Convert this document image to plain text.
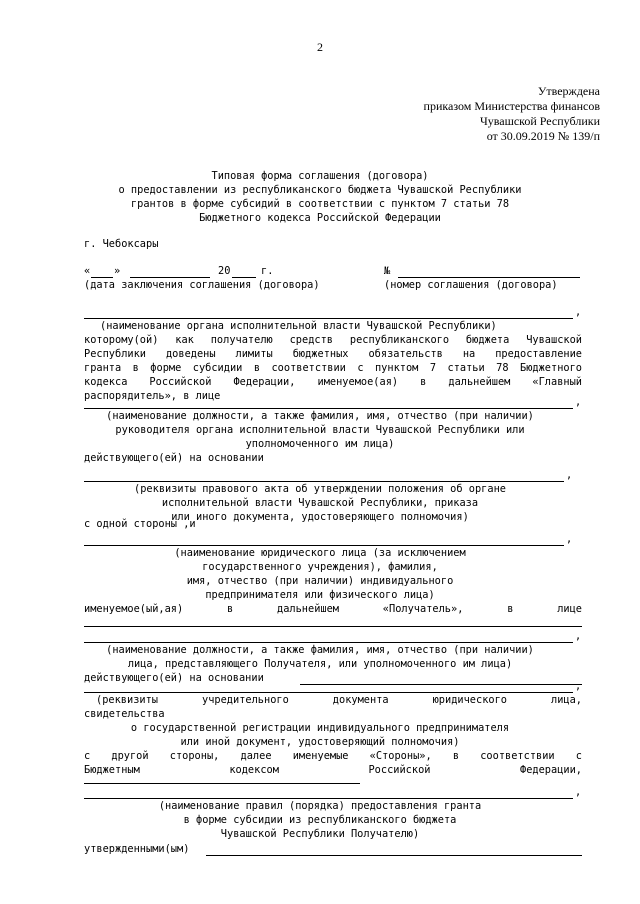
2
Утверждена
приказом Министерства финансов
Чувашской Республики
от 30.09.2019 № 139/п
Типовая форма соглашения (договора)
о предоставлении из республиканского бюджета Чувашской Республики
грантов в форме субсидий в соответствии с пунктом 7 статьи 78
Бюджетного кодекса Российской Федерации
г. Чебоксары
« »	20	г.	№
(дата заключения соглашения (договора)	(номер соглашения (договора)
,
(наименование органа исполнительной власти Чувашской Республики)
которому(ой) как получателю средств республиканского бюджета Чувашской
Республики доведены лимиты бюджетных обязательств на предоставление
гранта в форме субсидии в соответствии с пунктом 7 статьи 78 Бюджетного
кодекса Российской Федерации, именуемое(ая) в дальнейшем «Главный
распорядитель», в лице	,
(наименование должности, а также фамилия, имя, отчество (при наличии)
руководителя органа исполнительной власти Чувашской Республики или
уполномоченного им лица)
действующего(ей) на основании
,
(реквизиты правового акта об утверждении положения об органе
исполнительной власти Чувашской Республики, приказа
или иного документа, удостоверяющего полномочия)
с одной стороны ,и
,
(наименование юридического лица (за исключением
государственного учреждения), фамилия,
имя, отчество (при наличии) индивидуального
предпринимателя или физического лица)
именуемое(ый,ая)	в	дальнейшем	«Получатель»,	в	лице
,
(наименование должности, а также фамилия, имя, отчество (при наличии)
лица, представляющего Получателя, или уполномоченного им лица)
действующего(ей) на основании
,
(реквизиты	учредительного	документа	юридического	лица,
свидетельства
о государственной регистрации индивидуального предпринимателя
или иной документ, удостоверяющий полномочия)
с другой стороны, далее именуемые «Стороны», в соответствии с
Бюджетным	кодексом	Российской	Федерации,
,
(наименование правил (порядка) предоставления гранта
в форме субсидии из республиканского бюджета
Чувашской Республики Получателю)
утвержденными(ым)
